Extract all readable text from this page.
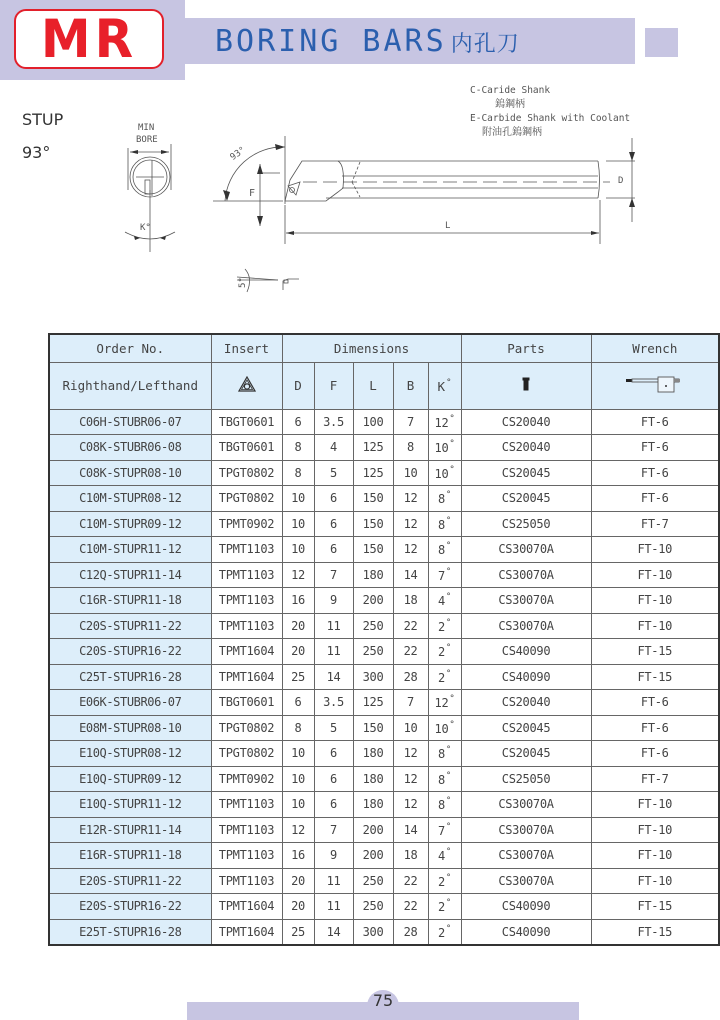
MR	BORING BARS 内孔刀
STUP
93°
MIN
BORE
K°
93°
F
L
D
5°
C-Caride Shank
鎢鋼柄
E-Carbide Shank with Coolant
附油孔鎢鋼柄
Order No.	Insert	Dimensions					Parts	Wrench
Righthand/Lefthand		D	F	L	B	K°		
C06H-STUBR06-07	TBGT0601	6	3.5	100	7	12°	CS20040	FT-6
C08K-STUBR06-08	TBGT0601	8	4	125	8	10°	CS20040	FT-6
C08K-STUPR08-10	TPGT0802	8	5	125	10	10°	CS20045	FT-6
C10M-STUPR08-12	TPGT0802	10	6	150	12	8°	CS20045	FT-6
C10M-STUPR09-12	TPMT0902	10	6	150	12	8°	CS25050	FT-7
C10M-STUPR11-12	TPMT1103	10	6	150	12	8°	CS30070A	FT-10
C12Q-STUPR11-14	TPMT1103	12	7	180	14	7°	CS30070A	FT-10
C16R-STUPR11-18	TPMT1103	16	9	200	18	4°	CS30070A	FT-10
C20S-STUPR11-22	TPMT1103	20	11	250	22	2°	CS30070A	FT-10
C20S-STUPR16-22	TPMT1604	20	11	250	22	2°	CS40090	FT-15
C25T-STUPR16-28	TPMT1604	25	14	300	28	2°	CS40090	FT-15
E06K-STUBR06-07	TBGT0601	6	3.5	125	7	12°	CS20040	FT-6
E08M-STUPR08-10	TPGT0802	8	5	150	10	10°	CS20045	FT-6
E10Q-STUPR08-12	TPGT0802	10	6	180	12	8°	CS20045	FT-6
E10Q-STUPR09-12	TPMT0902	10	6	180	12	8°	CS25050	FT-7
E10Q-STUPR11-12	TPMT1103	10	6	180	12	8°	CS30070A	FT-10
E12R-STUPR11-14	TPMT1103	12	7	200	14	7°	CS30070A	FT-10
E16R-STUPR11-18	TPMT1103	16	9	200	18	4°	CS30070A	FT-10
E20S-STUPR11-22	TPMT1103	20	11	250	22	2°	CS30070A	FT-10
E20S-STUPR16-22	TPMT1604	20	11	250	22	2°	CS40090	FT-15
E25T-STUPR16-28	TPMT1604	25	14	300	28	2°	CS40090	FT-15
75
